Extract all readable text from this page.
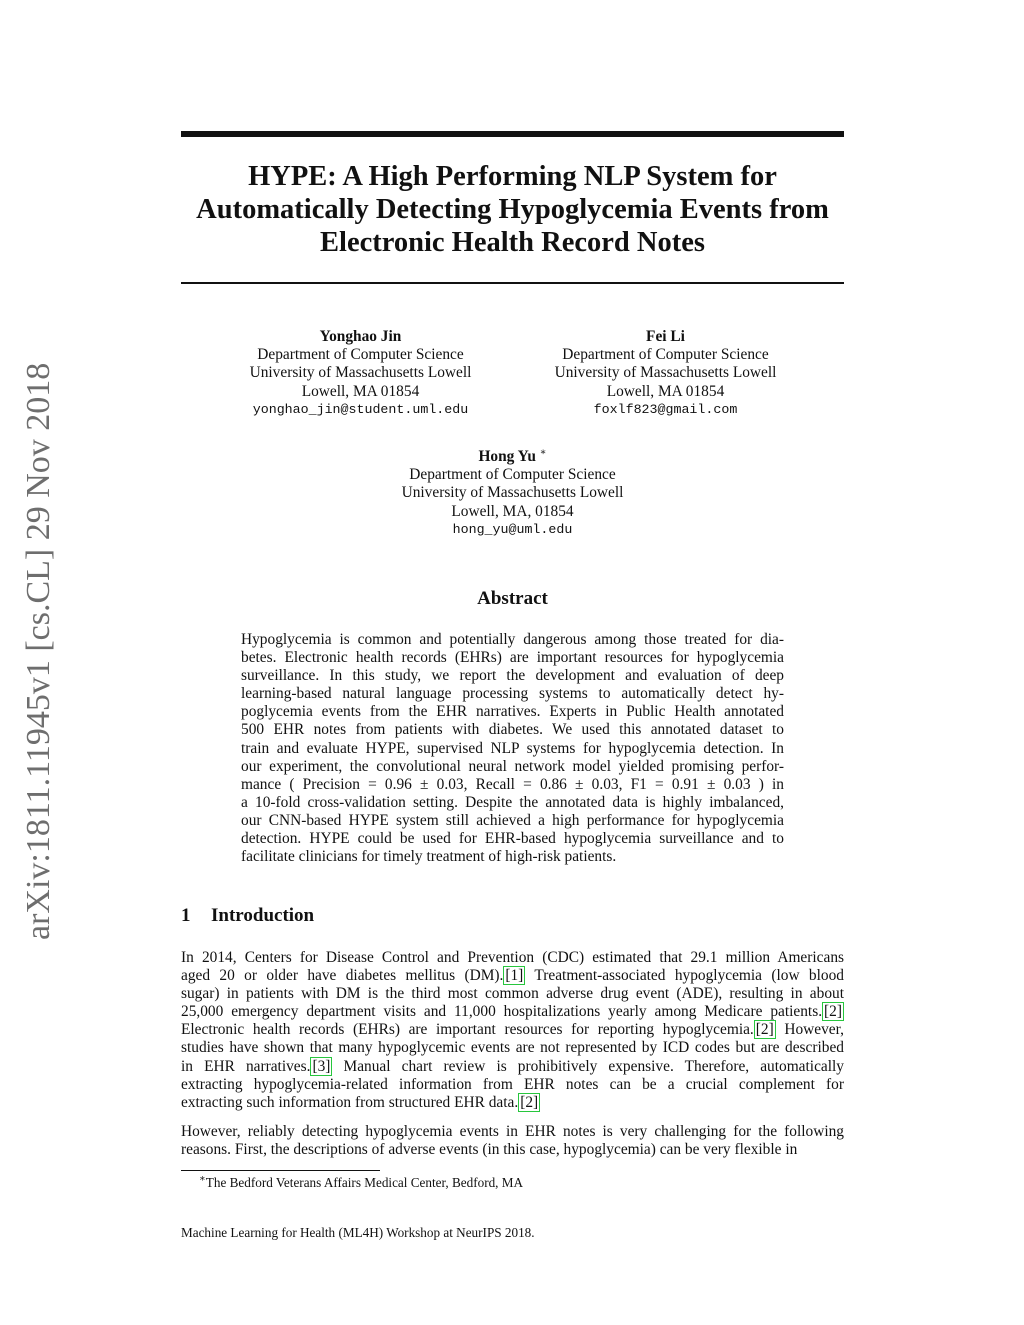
arXiv:1811.11945v1 [cs.CL] 29 Nov 2018
HYPE: A High Performing NLP System for
Automatically Detecting Hypoglycemia Events from
Electronic Health Record Notes
Yonghao Jin
Department of Computer Science
University of Massachusetts Lowell
Lowell, MA 01854
yonghao_jin@student.uml.edu
Fei Li
Department of Computer Science
University of Massachusetts Lowell
Lowell, MA 01854
foxlf823@gmail.com
Hong Yu ∗
Department of Computer Science
University of Massachusetts Lowell
Lowell, MA, 01854
hong_yu@uml.edu
Abstract
Hypoglycemia is common and potentially dangerous among those treated for dia-
betes. Electronic health records (EHRs) are important resources for hypoglycemia
surveillance. In this study, we report the development and evaluation of deep
learning-based natural language processing systems to automatically detect hy-
poglycemia events from the EHR narratives. Experts in Public Health annotated
500 EHR notes from patients with diabetes. We used this annotated dataset to
train and evaluate HYPE, supervised NLP systems for hypoglycemia detection. In
our experiment, the convolutional neural network model yielded promising perfor-
mance ( Precision = 0.96 ± 0.03, Recall = 0.86 ± 0.03, F1 = 0.91 ± 0.03 ) in
a 10-fold cross-validation setting. Despite the annotated data is highly imbalanced,
our CNN-based HYPE system still achieved a high performance for hypoglycemia
detection. HYPE could be used for EHR-based hypoglycemia surveillance and to
facilitate clinicians for timely treatment of high-risk patients.
1 Introduction
In 2014, Centers for Disease Control and Prevention (CDC) estimated that 29.1 million Americans
aged 20 or older have diabetes mellitus (DM). [1] Treatment-associated hypoglycemia (low blood
sugar) in patients with DM is the third most common adverse drug event (ADE), resulting in about
25,000 emergency department visits and 11,000 hospitalizations yearly among Medicare patients. [2]
Electronic health records (EHRs) are important resources for reporting hypoglycemia. [2] However,
studies have shown that many hypoglycemic events are not represented by ICD codes but are described
in EHR narratives. [3] Manual chart review is prohibitively expensive. Therefore, automatically
extracting hypoglycemia-related information from EHR notes can be a crucial complement for
extracting such information from structured EHR data. [2]
However, reliably detecting hypoglycemia events in EHR notes is very challenging for the following
reasons. First, the descriptions of adverse events (in this case, hypoglycemia) can be very flexible in
∗The Bedford Veterans Affairs Medical Center, Bedford, MA
Machine Learning for Health (ML4H) Workshop at NeurIPS 2018.
